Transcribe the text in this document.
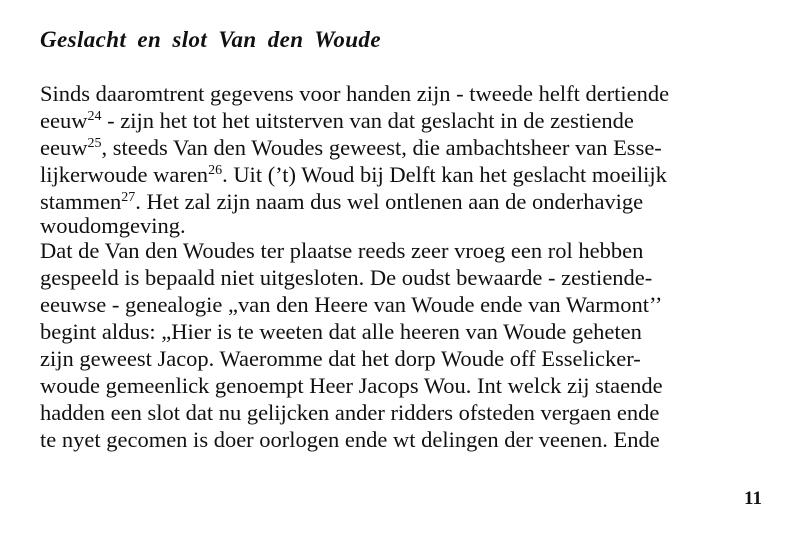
Geslacht en slot Van den Woude
Sinds daaromtrent gegevens voor handen zijn - tweede helft dertiende
eeuw$^{24}$ - zijn het tot het uitsterven van dat geslacht in de zestiende
eeuw$^{25}$, steeds Van den Woudes geweest, die ambachtsheer van Esse-
lijkerwoude waren$^{26}$. Uit (’t) Woud bij Delft kan het geslacht moeilijk
stammen$^{27}$. Het zal zijn naam dus wel ontlenen aan de onderhavige
woudomgeving.
Dat de Van den Woudes ter plaatse reeds zeer vroeg een rol hebben
gespeeld is bepaald niet uitgesloten. De oudst bewaarde - zestiende-
eeuwse - genealogie „van den Heere van Woude ende van Warmont’’
begint aldus: „Hier is te weeten dat alle heeren van Woude geheten
zijn geweest Jacop. Waeromme dat het dorp Woude off Esselicker-
woude gemeenlick genoempt Heer Jacops Wou. Int welck zij staende
hadden een slot dat nu gelijcken ander ridders ofsteden vergaen ende
te nyet gecomen is doer oorlogen ende wt delingen der veenen. Ende
11
